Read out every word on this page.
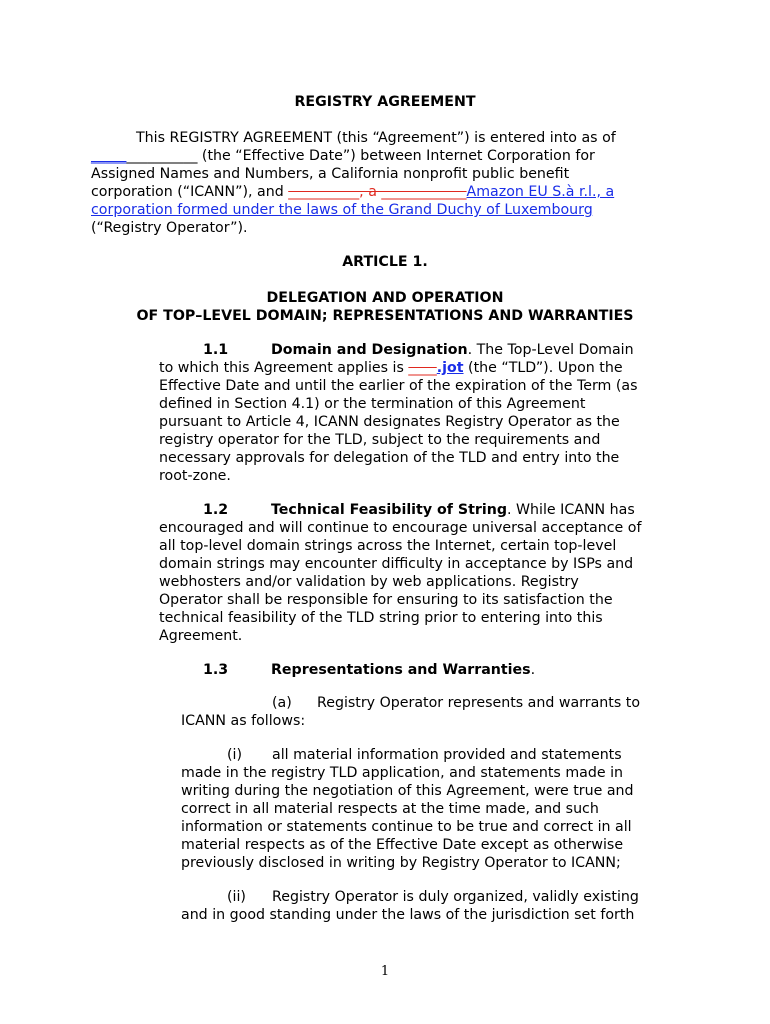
REGISTRY AGREEMENT

This REGISTRY AGREEMENT (this “Agreement”) is entered into as of

_______________ (the “Effective Date”) between Internet Corporation for

Assigned Names and Numbers, a California nonprofit public benefit

corporation (“ICANN”), and __________, a ____________Amazon EU S.à r.l., a

corporation formed under the laws of the Grand Duchy of Luxembourg

(“Registry Operator”).

ARTICLE 1.

DELEGATION AND OPERATION

OF TOP–LEVEL DOMAIN; REPRESENTATIONS AND WARRANTIES

1.1	Domain and Designation. The Top-Level Domain

to which this Agreement applies is ____.jot (the “TLD”). Upon the

Effective Date and until the earlier of the expiration of the Term (as

defined in Section 4.1) or the termination of this Agreement

pursuant to Article 4, ICANN designates Registry Operator as the

registry operator for the TLD, subject to the requirements and

necessary approvals for delegation of the TLD and entry into the

root-zone.

1.2	Technical Feasibility of String. While ICANN has

encouraged and will continue to encourage universal acceptance of

all top-level domain strings across the Internet, certain top-level

domain strings may encounter difficulty in acceptance by ISPs and

webhosters and/or validation by web applications. Registry

Operator shall be responsible for ensuring to its satisfaction the

technical feasibility of the TLD string prior to entering into this

Agreement.

1.3	Representations and Warranties.

(a) Registry Operator represents and warrants to

ICANN as follows:

(i) all material information provided and statements

made in the registry TLD application, and statements made in

writing during the negotiation of this Agreement, were true and

correct in all material respects at the time made, and such

information or statements continue to be true and correct in all

material respects as of the Effective Date except as otherwise

previously disclosed in writing by Registry Operator to ICANN;

(ii) Registry Operator is duly organized, validly existing

and in good standing under the laws of the jurisdiction set forth

1
